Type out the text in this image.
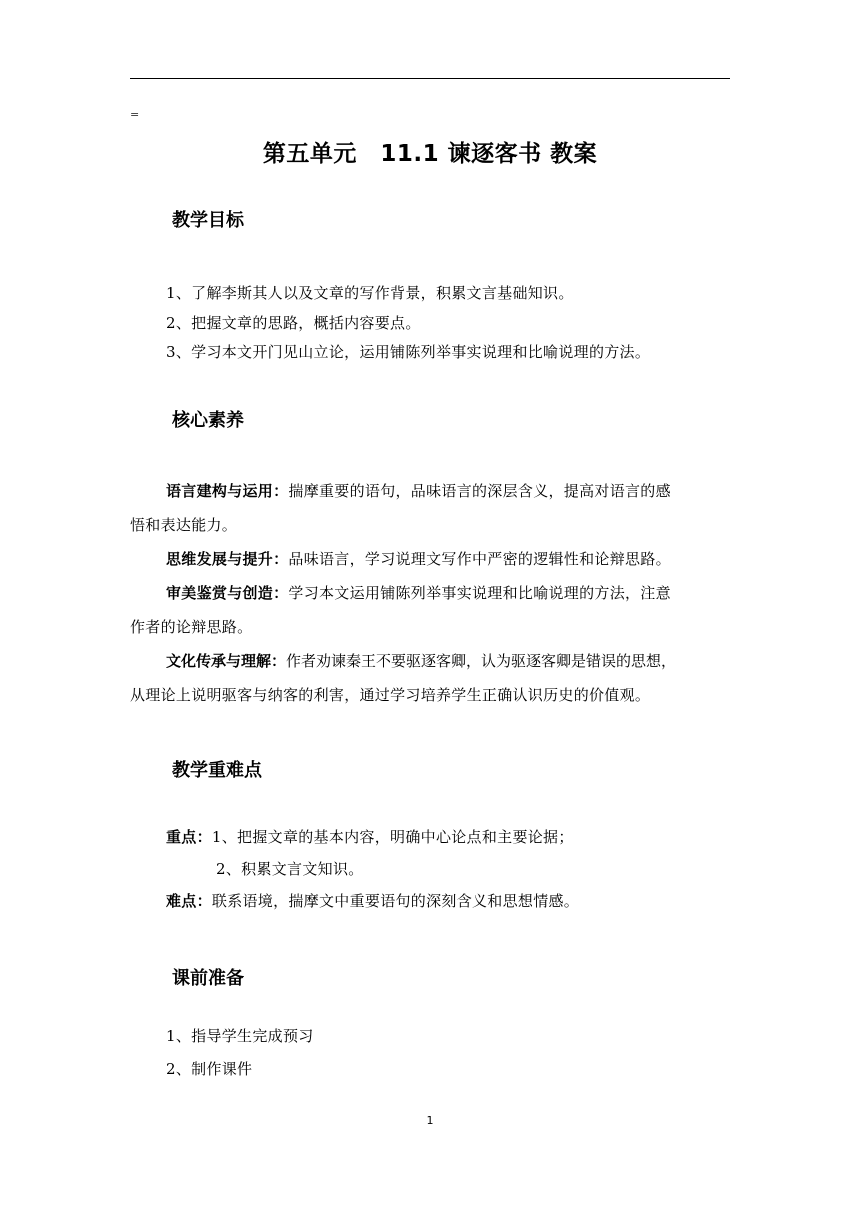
=
第五单元　11.1 谏逐客书 教案
教学目标
1、了解李斯其人以及文章的写作背景，积累文言基础知识。
2、把握文章的思路，概括内容要点。
3、学习本文开门见山立论，运用铺陈列举事实说理和比喻说理的方法。
核心素养
语言建构与运用：揣摩重要的语句，品味语言的深层含义，提高对语言的感
悟和表达能力。
思维发展与提升：品味语言，学习说理文写作中严密的逻辑性和论辩思路。
审美鉴赏与创造：学习本文运用铺陈列举事实说理和比喻说理的方法，注意
作者的论辩思路。
文化传承与理解：作者劝谏秦王不要驱逐客卿，认为驱逐客卿是错误的思想，
从理论上说明驱客与纳客的利害，通过学习培养学生正确认识历史的价值观。
教学重难点
重点：1、把握文章的基本内容，明确中心论点和主要论据；
2、积累文言文知识。
难点：联系语境，揣摩文中重要语句的深刻含义和思想情感。
课前准备
1、指导学生完成预习
2、制作课件
1
